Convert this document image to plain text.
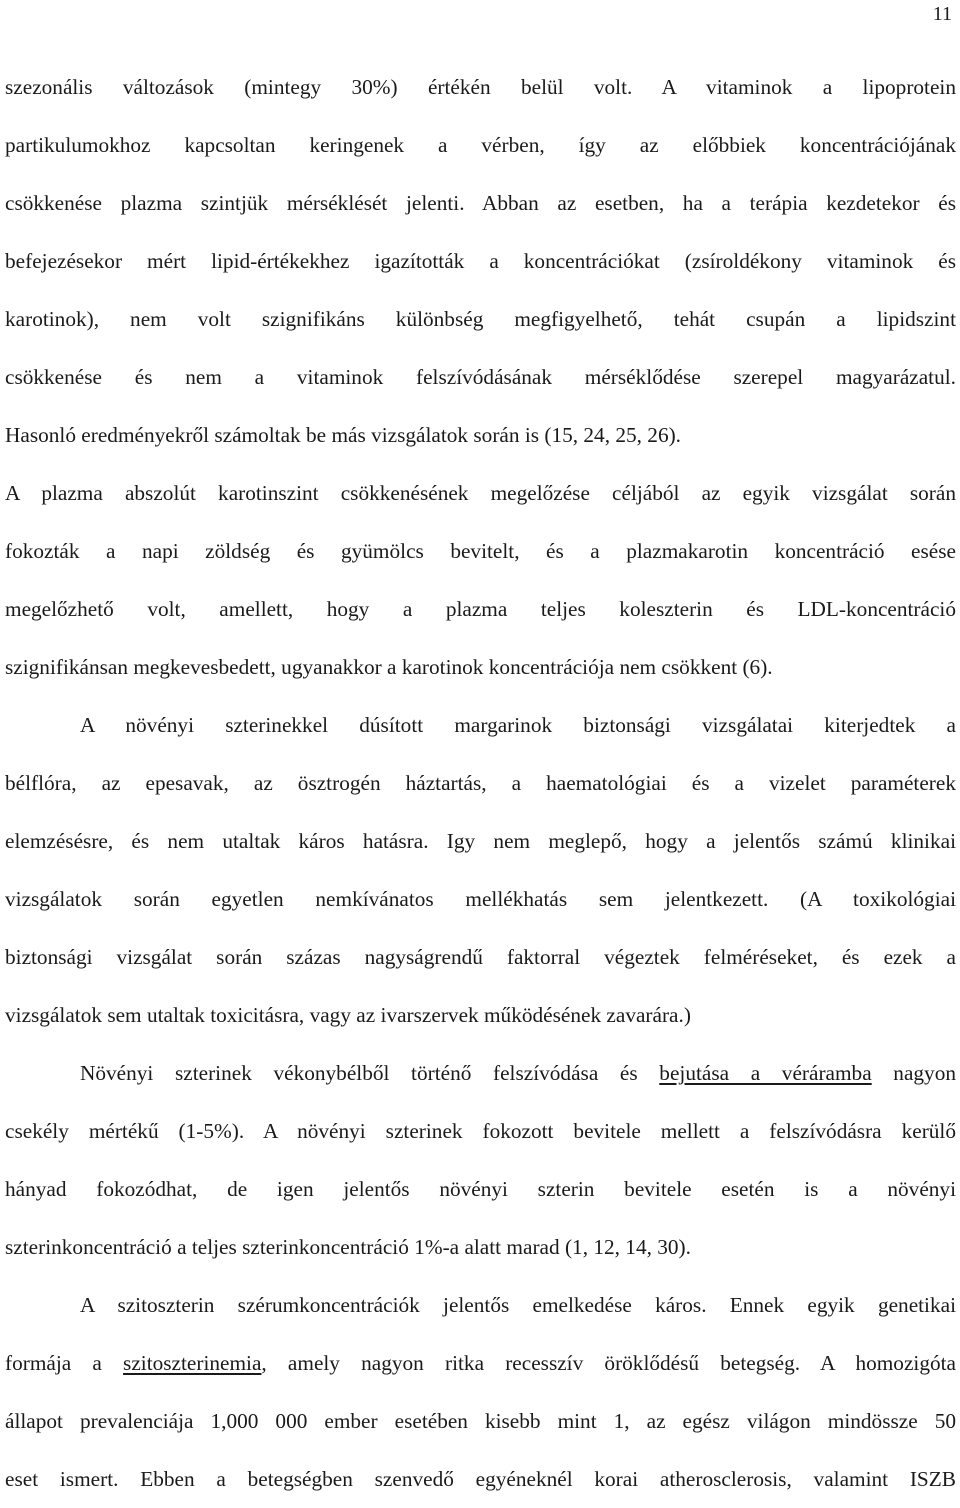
11

szezonális változások (mintegy 30%) értékén belül volt. A vitaminok a lipoprotein
partikulumokhoz kapcsoltan keringenek a vérben, így az előbbiek koncentrációjának
csökkenése plazma szintjük mérséklését jelenti. Abban az esetben, ha a terápia kezdetekor és
befejezésekor mért lipid-értékekhez igazították a koncentrációkat (zsíroldékony vitaminok és
karotinok), nem volt szignifikáns különbség megfigyelhető, tehát csupán a lipidszint
csökkenése és nem a vitaminok felszívódásának mérséklődése szerepel magyarázatul.
Hasonló eredményekről számoltak be más vizsgálatok során is (15, 24, 25, 26).

A plazma abszolút karotinszint csökkenésének megelőzése céljából az egyik vizsgálat során
fokozták a napi zöldség és gyümölcs bevitelt, és a plazmakarotin koncentráció esése
megelőzhető volt, amellett, hogy a plazma teljes koleszterin és LDL-koncentráció
szignifikánsan megkevesbedett, ugyanakkor a karotinok koncentrációja nem csökkent (6).

A növényi szterinekkel dúsított margarinok biztonsági vizsgálatai kiterjedtek a
bélflóra, az epesavak, az ösztrogén háztartás, a haematológiai és a vizelet paraméterek
elemzésésre, és nem utaltak káros hatásra. Igy nem meglepő, hogy a jelentős számú klinikai
vizsgálatok során egyetlen nemkívánatos mellékhatás sem jelentkezett. (A toxikológiai
biztonsági vizsgálat során százas nagyságrendű faktorral végeztek felméréseket, és ezek a
vizsgálatok sem utaltak toxicitásra, vagy az ivarszervek működésének zavarára.)

Növényi szterinek vékonybélből történő felszívódása és bejutása a véráramba nagyon
csekély mértékű (1-5%). A növényi szterinek fokozott bevitele mellett a felszívódásra kerülő
hányad fokozódhat, de igen jelentős növényi szterin bevitele esetén is a növényi
szterinkoncentráció a teljes szterinkoncentráció 1%-a alatt marad (1, 12, 14, 30).

A szitoszterin szérumkoncentrációk jelentős emelkedése káros. Ennek egyik genetikai
formája a szitoszterinemia, amely nagyon ritka recesszív öröklődésű betegség. A homozigóta
állapot prevalenciája 1,000 000 ember esetében kisebb mint 1, az egész világon mindössze 50
eset ismert. Ebben a betegségben szenvedő egyéneknél korai atherosclerosis, valamint ISZB
